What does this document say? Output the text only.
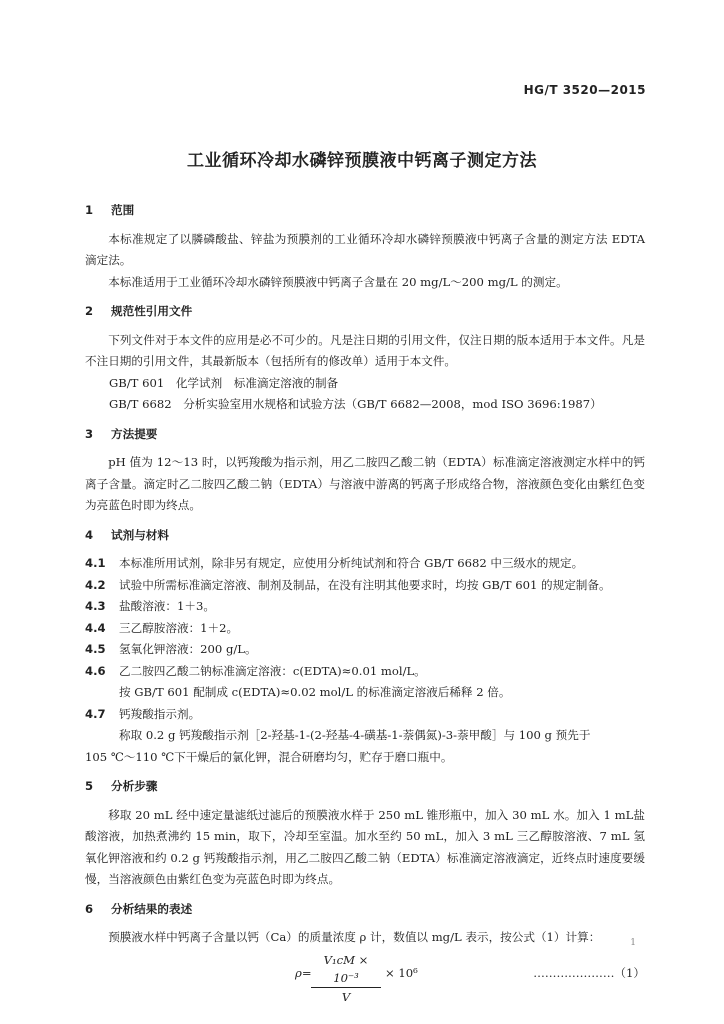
HG/T 3520—2015
工业循环冷却水磷锌预膜液中钙离子测定方法
1	范围

本标准规定了以膦磷酸盐、锌盐为预膜剂的工业循环冷却水磷锌预膜液中钙离子含量的测定方法 EDTA 滴定法。

本标准适用于工业循环冷却水磷锌预膜液中钙离子含量在 20 mg/L～200 mg/L 的测定。

2	规范性引用文件

下列文件对于本文件的应用是必不可少的。凡是注日期的引用文件，仅注日期的版本适用于本文件。凡是不注日期的引用文件，其最新版本（包括所有的修改单）适用于本文件。

GB/T 601　化学试剂　标准滴定溶液的制备

GB/T 6682　分析实验室用水规格和试验方法（GB/T 6682—2008，mod ISO 3696:1987）

3	方法提要

pH 值为 12～13 时，以钙羧酸为指示剂，用乙二胺四乙酸二钠（EDTA）标准滴定溶液测定水样中的钙离子含量。滴定时乙二胺四乙酸二钠（EDTA）与溶液中游离的钙离子形成络合物，溶液颜色变化由紫红色变为亮蓝色时即为终点。

4	试剂与材料
4.1	本标准所用试剂，除非另有规定，应使用分析纯试剂和符合 GB/T 6682 中三级水的规定。
4.2	试验中所需标准滴定溶液、制剂及制品，在没有注明其他要求时，均按 GB/T 601 的规定制备。
4.3	盐酸溶液：1＋3。
4.4	三乙醇胺溶液：1＋2。
4.5	氢氧化钾溶液：200 g/L。
4.6	乙二胺四乙酸二钠标准滴定溶液：c(EDTA)≈0.01 mol/L。

按 GB/T 601 配制成 c(EDTA)≈0.02 mol/L 的标准滴定溶液后稀释 2 倍。

4.7	钙羧酸指示剂。

称取 0.2 g 钙羧酸指示剂［2-羟基-1-(2-羟基-4-磺基-1-萘偶氮)-3-萘甲酸］与 100 g 预先于

105 ℃～110 ℃下干燥后的氯化钾，混合研磨均匀，贮存于磨口瓶中。

5	分析步骤

移取 20 mL 经中速定量滤纸过滤后的预膜液水样于 250 mL 锥形瓶中，加入 30 mL 水。加入 1 mL盐酸溶液，加热煮沸约 15 min，取下，冷却至室温。加水至约 50 mL，加入 3 mL 三乙醇胺溶液、7 mL 氢氧化钾溶液和约 0.2 g 钙羧酸指示剂，用乙二胺四乙酸二钠（EDTA）标准滴定溶液滴定，近终点时速度要缓慢，当溶液颜色由紫红色变为亮蓝色时即为终点。

6	分析结果的表述

预膜液水样中钙离子含量以钙（Ca）的质量浓度 ρ 计，数值以 mg/L 表示，按公式（1）计算：

$\rho= \frac{\text{V₁cM × 10⁻³}}{V} \times 10^6$	…………………（1）
1
